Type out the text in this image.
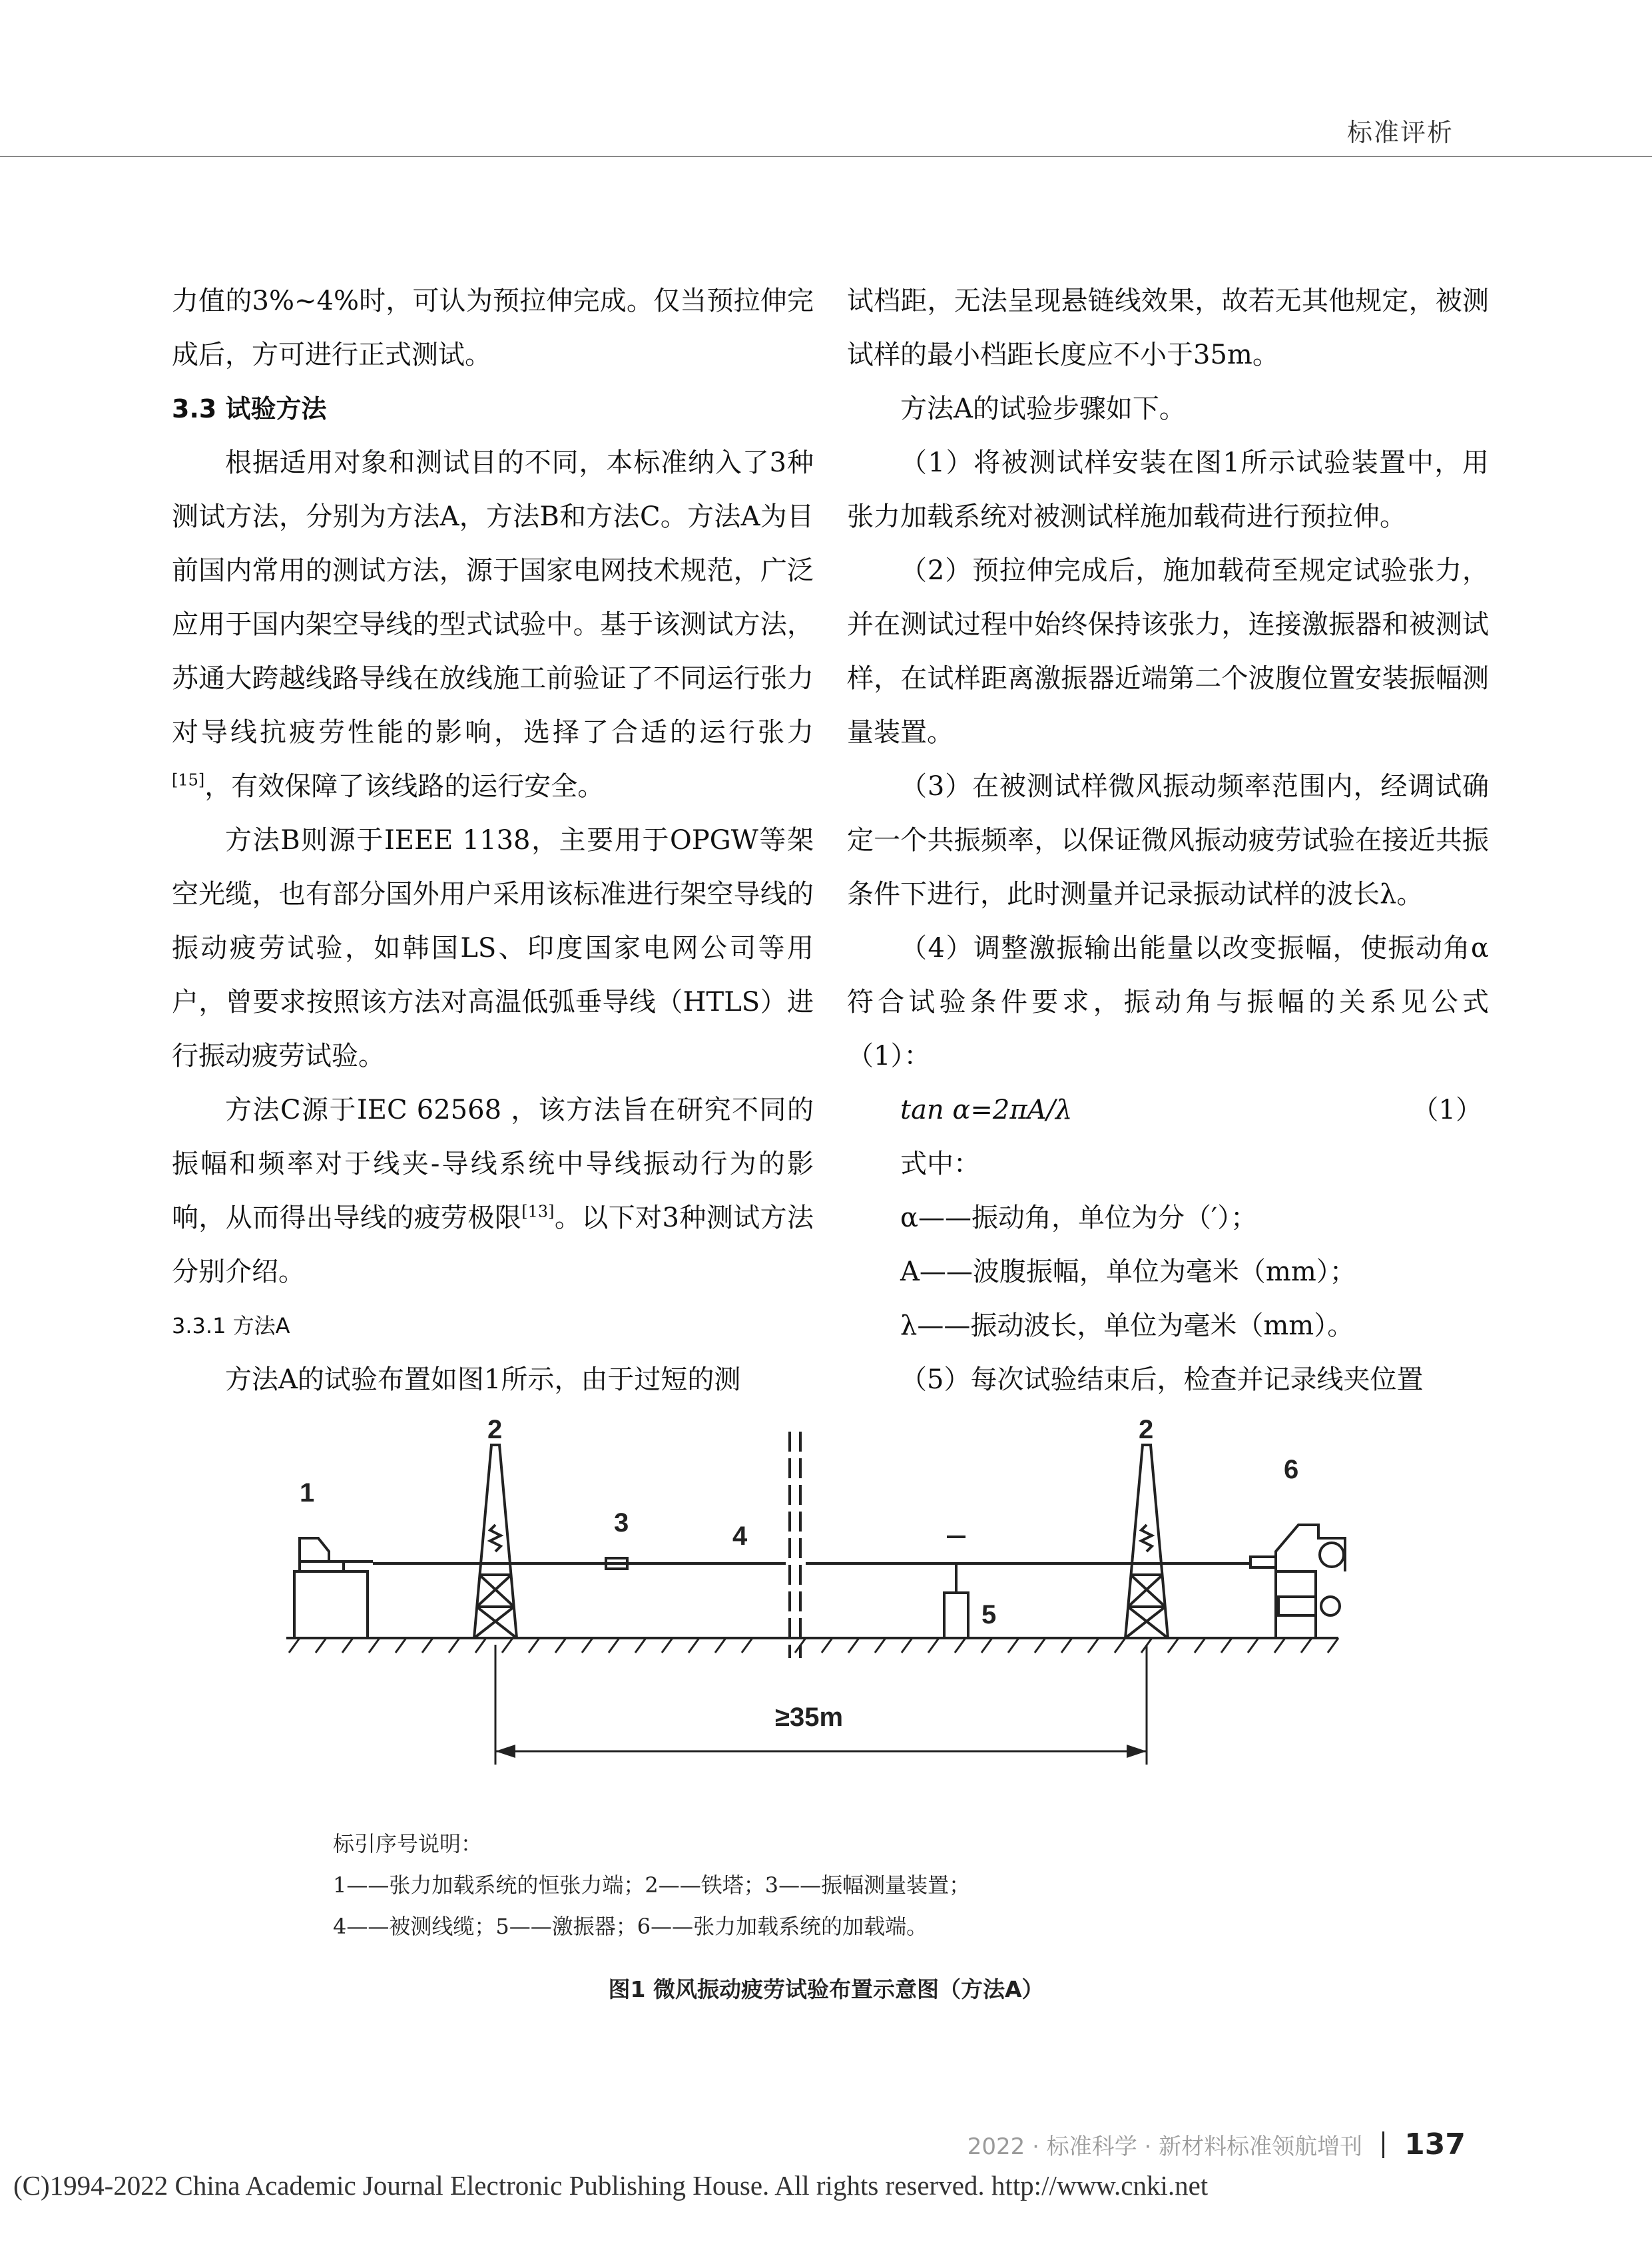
标准评析

力值的3%~4%时，可认为预拉伸完成。仅当预拉伸完成后，方可进行正式测试。

3.3 试验方法

根据适用对象和测试目的不同，本标准纳入了3种测试方法，分别为方法A，方法B和方法C。方法A为目前国内常用的测试方法，源于国家电网技术规范，广泛应用于国内架空导线的型式试验中。基于该测试方法，苏通大跨越线路导线在放线施工前验证了不同运行张力对导线抗疲劳性能的影响，选择了合适的运行张力[15]，有效保障了该线路的运行安全。

方法B则源于IEEE 1138，主要用于OPGW等架空光缆，也有部分国外用户采用该标准进行架空导线的振动疲劳试验，如韩国LS、印度国家电网公司等用户，曾要求按照该方法对高温低弧垂导线（HTLS）进行振动疲劳试验。

方法C源于IEC 62568 ，该方法旨在研究不同的振幅和频率对于线夹-导线系统中导线振动行为的影响，从而得出导线的疲劳极限[13]。以下对3种测试方法分别介绍。

3.3.1 方法A

方法A的试验布置如图1所示，由于过短的测

试档距，无法呈现悬链线效果，故若无其他规定，被测试样的最小档距长度应不小于35m。

方法A的试验步骤如下。

（1）将被测试样安装在图1所示试验装置中，用张力加载系统对被测试样施加载荷进行预拉伸。

（2）预拉伸完成后，施加载荷至规定试验张力，并在测试过程中始终保持该张力，连接激振器和被测试样，在试样距离激振器近端第二个波腹位置安装振幅测量装置。

（3）在被测试样微风振动频率范围内，经调试确定一个共振频率，以保证微风振动疲劳试验在接近共振条件下进行，此时测量并记录振动试样的波长λ。

（4）调整激振输出能量以改变振幅，使振动角α符合试验条件要求，振动角与振幅的关系见公式（1）：

tan α=2πA/λ	（1）
式中：
α——振动角，单位为分（′）；
A——波腹振幅，单位为毫米（mm）；
λ——振动波长，单位为毫米（mm）。

（5）每次试验结束后，检查并记录线夹位置

1
2
3	4
5
2
6
≥35m
标引序号说明：
1——张力加载系统的恒张力端；2——铁塔；3——振幅测量装置；
4——被测线缆；5——激振器；6——张力加载系统的加载端。
图1 微风振动疲劳试验布置示意图（方法A）
2022 · 标准科学 · 新材料标准领航增刊 137
(C)1994-2022 China Academic Journal Electronic Publishing House. All rights reserved. http://www.cnki.net
